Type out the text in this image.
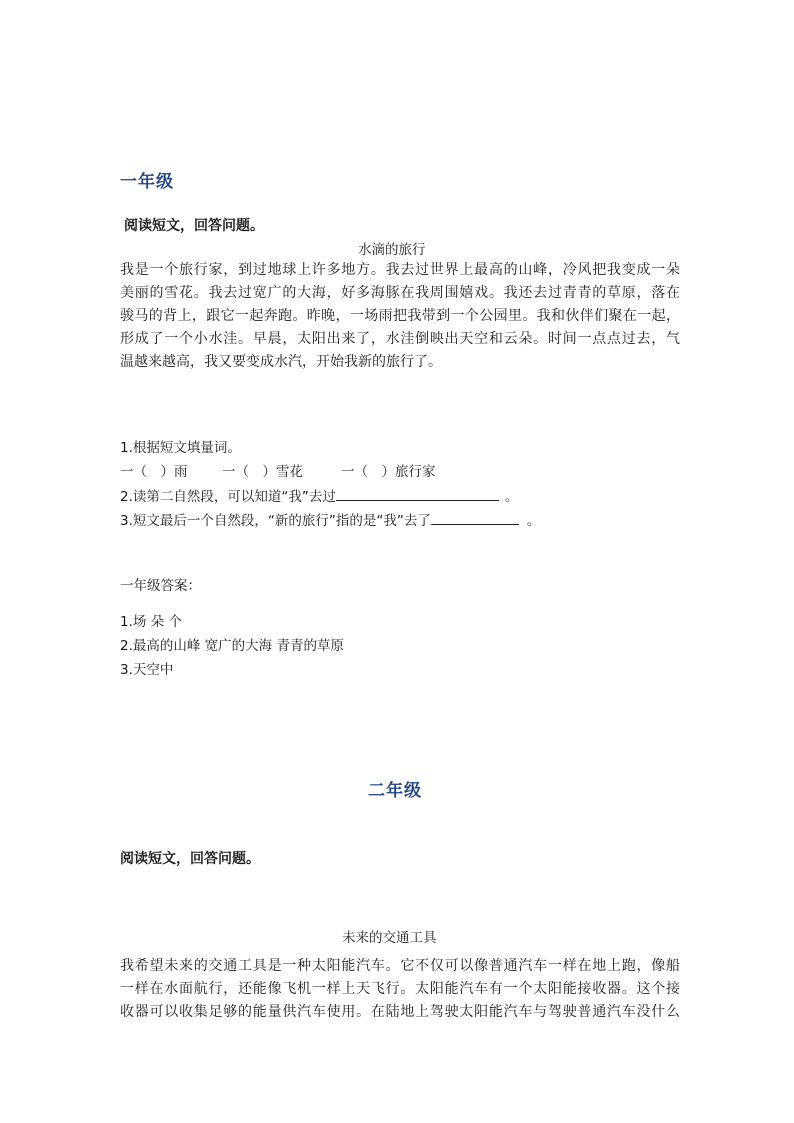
一年级
阅读短文，回答问题。
水滴的旅行
我是一个旅行家，到过地球上许多地方。我去过世界上最高的山峰，冷风把我变成一朵
美丽的雪花。我去过宽广的大海，好多海豚在我周围嬉戏。我还去过青青的草原，落在
骏马的背上，跟它一起奔跑。昨晚，一场雨把我带到一个公园里。我和伙伴们聚在一起，
形成了一个小水洼。早晨，太阳出来了，水洼倒映出天空和云朵。时间一点点过去，气
温越来越高，我又要变成水汽，开始我新的旅行了。
1.根据短文填量词。
一（　）雨	一（　）雪花	一（　）旅行家
2.读第二自然段，可以知道“我”去过	。
3.短文最后一个自然段，“新的旅行”指的是“我”去了	。
一年级答案：
1.场 朵 个
2.最高的山峰 宽广的大海 青青的草原
3.天空中
二年级
阅读短文，回答问题。
未来的交通工具
我希望未来的交通工具是一种太阳能汽车。它不仅可以像普通汽车一样在地上跑，像船
一样在水面航行，还能像飞机一样上天飞行。太阳能汽车有一个太阳能接收器。这个接
收器可以收集足够的能量供汽车使用。在陆地上驾驶太阳能汽车与驾驶普通汽车没什么
